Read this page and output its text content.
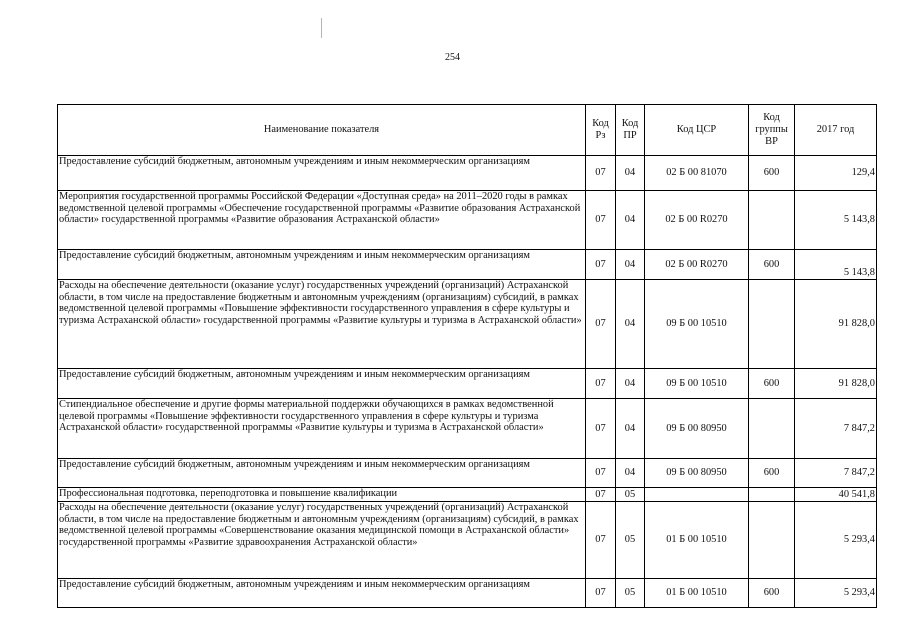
254
Наименование показателя	Код Рз	Код ПР	Код ЦСР	Код группы ВР	2017 год
Предоставление субсидий бюджетным, автономным учреждениям и иным некоммерческим организациям	07	04	02 Б 00 81070	600	129,4
Мероприятия государственной программы Российской Федерации «Доступная среда» на 2011–2020 годы в рамках ведомственной целевой программы «Обеспечение государственной программы «Развитие образования Астраханской области» государственной программы «Развитие образования Астраханской области»	07	04	02 Б 00 R0270		5 143,8
Предоставление субсидий бюджетным, автономным учреждениям и иным некоммерческим организациям	07	04	02 Б 00 R0270	600	5 143,8
Расходы на обеспечение деятельности (оказание услуг) государственных учреждений (организаций) Астраханской области, в том числе на предоставление бюджетным и автономным учреждениям (организациям) субсидий, в рамках ведомственной целевой программы «Повышение эффективности государственного управления в сфере культуры и туризма Астраханской области» государственной программы «Развитие культуры и туризма в Астраханской области»	07	04	09 Б 00 10510		91 828,0
Предоставление субсидий бюджетным, автономным учреждениям и иным некоммерческим организациям	07	04	09 Б 00 10510	600	91 828,0
Стипендиальное обеспечение и другие формы материальной поддержки обучающихся в рамках ведомственной целевой программы «Повышение эффективности государственного управления в сфере культуры и туризма Астраханской области» государственной программы «Развитие культуры и туризма в Астраханской области»	07	04	09 Б 00 80950		7 847,2
Предоставление субсидий бюджетным, автономным учреждениям и иным некоммерческим организациям	07	04	09 Б 00 80950	600	7 847,2
Профессиональная подготовка, переподготовка и повышение квалификации	07	05			40 541,8
Расходы на обеспечение деятельности (оказание услуг) государственных учреждений (организаций) Астраханской области, в том числе на предоставление бюджетным и автономным учреждениям (организациям) субсидий, в рамках ведомственной целевой программы «Совершенствование оказания медицинской помощи в Астраханской области» государственной программы «Развитие здравоохранения Астраханской области»	07	05	01 Б 00 10510		5 293,4
Предоставление субсидий бюджетным, автономным учреждениям и иным некоммерческим организациям	07	05	01 Б 00 10510	600	5 293,4
